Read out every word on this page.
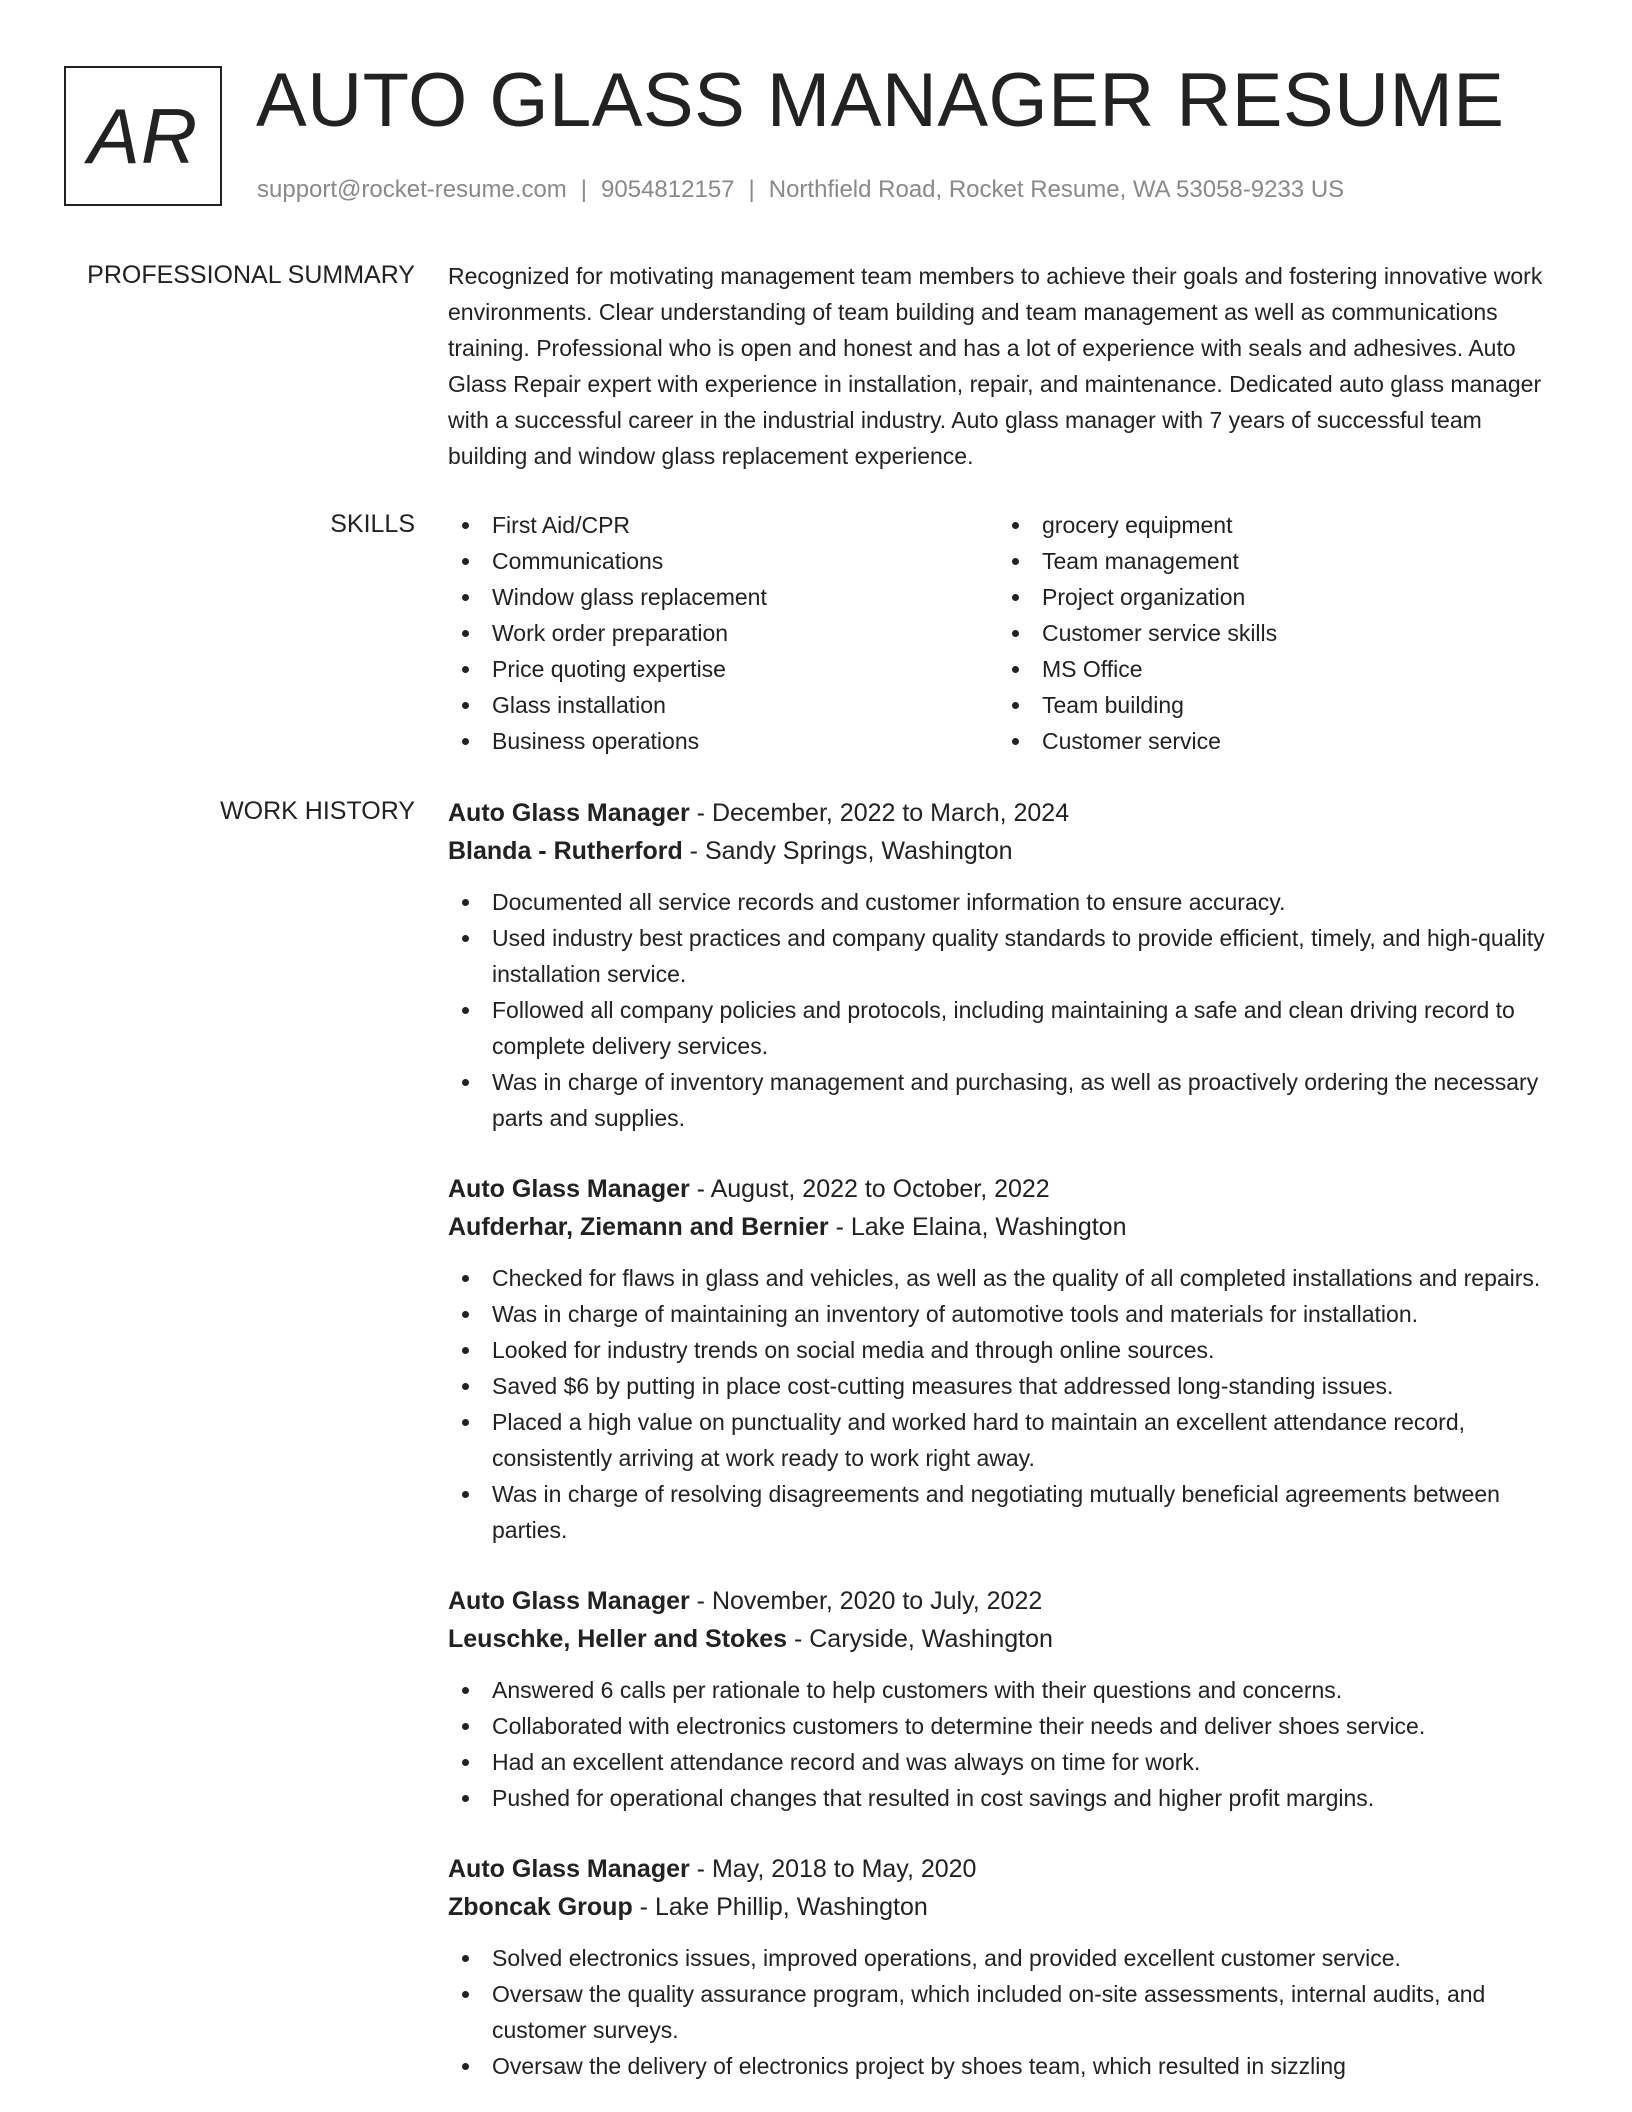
AR AUTO GLASS MANAGER RESUME
support@rocket-resume.com | 9054812157 | Northfield Road, Rocket Resume, WA 53058-9233 US
PROFESSIONAL SUMMARY Recognized for motivating management team members to achieve their goals and fostering innovative work environments. Clear understanding of team building and team management as well as communications training. Professional who is open and honest and has a lot of experience with seals and adhesives. Auto Glass Repair expert with experience in installation, repair, and maintenance. Dedicated auto glass manager with a successful career in the industrial industry. Auto glass manager with 7 years of successful team building and window glass replacement experience.

SKILLS	First Aid/CPR
Communications
Window glass replacement
Work order preparation
Price quoting expertise
Glass installation
Business operations
grocery equipment
Team management
Project organization
Customer service skills
MS Office
Team building
Customer service
WORK HISTORY Auto Glass Manager - December, 2022 to March, 2024

Blanda - Rutherford - Sandy Springs, Washington

Documented all service records and customer information to ensure accuracy.
Used industry best practices and company quality standards to provide efficient, timely, and high-quality installation service.
Followed all company policies and protocols, including maintaining a safe and clean driving record to complete delivery services.
Was in charge of inventory management and purchasing, as well as proactively ordering the necessary parts and supplies.

Auto Glass Manager - August, 2022 to October, 2022

Aufderhar, Ziemann and Bernier - Lake Elaina, Washington

Checked for flaws in glass and vehicles, as well as the quality of all completed installations and repairs.
Was in charge of maintaining an inventory of automotive tools and materials for installation.
Looked for industry trends on social media and through online sources.
Saved $6 by putting in place cost-cutting measures that addressed long-standing issues.
Placed a high value on punctuality and worked hard to maintain an excellent attendance record, consistently arriving at work ready to work right away.
Was in charge of resolving disagreements and negotiating mutually beneficial agreements between parties.

Auto Glass Manager - November, 2020 to July, 2022

Leuschke, Heller and Stokes - Caryside, Washington

Answered 6 calls per rationale to help customers with their questions and concerns.
Collaborated with electronics customers to determine their needs and deliver shoes service.
Had an excellent attendance record and was always on time for work.
Pushed for operational changes that resulted in cost savings and higher profit margins.

Auto Glass Manager - May, 2018 to May, 2020

Zboncak Group - Lake Phillip, Washington

Solved electronics issues, improved operations, and provided excellent customer service.
Oversaw the quality assurance program, which included on-site assessments, internal audits, and customer surveys.
Oversaw the delivery of electronics project by shoes team, which resulted in sizzling
